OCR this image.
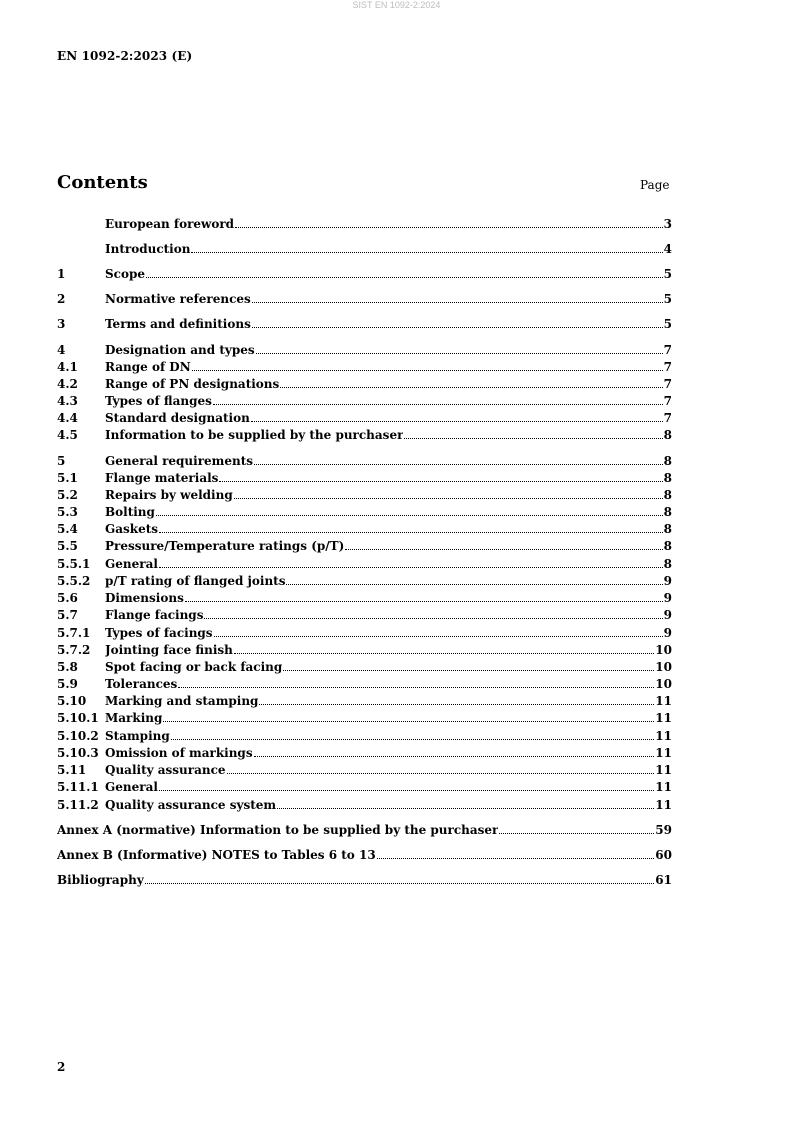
SIST EN 1092-2:2024
EN 1092-2:2023 (E)
Contents	Page
European foreword	3
Introduction	4
1	Scope	5
2	Normative references	5
3	Terms and definitions	5
4	Designation and types	7
4.1	Range of DN	7
4.2	Range of PN designations	7
4.3	Types of flanges	7
4.4	Standard designation	7
4.5	Information to be supplied by the purchaser	8
5	General requirements	8
5.1	Flange materials	8
5.2	Repairs by welding	8
5.3	Bolting	8
5.4	Gaskets	8
5.5	Pressure/Temperature ratings (p/T)	8
5.5.1	General	8
5.5.2	p/T rating of flanged joints	9
5.6	Dimensions	9
5.7	Flange facings	9
5.7.1	Types of facings	9
5.7.2	Jointing face finish	10
5.8	Spot facing or back facing	10
5.9	Tolerances	10
5.10	Marking and stamping	11
5.10.1 Marking	11
5.10.2 Stamping	11
5.10.3 Omission of markings	11
5.11	Quality assurance	11
5.11.1 General	11
5.11.2 Quality assurance system	11
Annex A (normative) Information to be supplied by the purchaser	59
Annex B (Informative) NOTES to Tables 6 to 13	60
Bibliography	61
2
